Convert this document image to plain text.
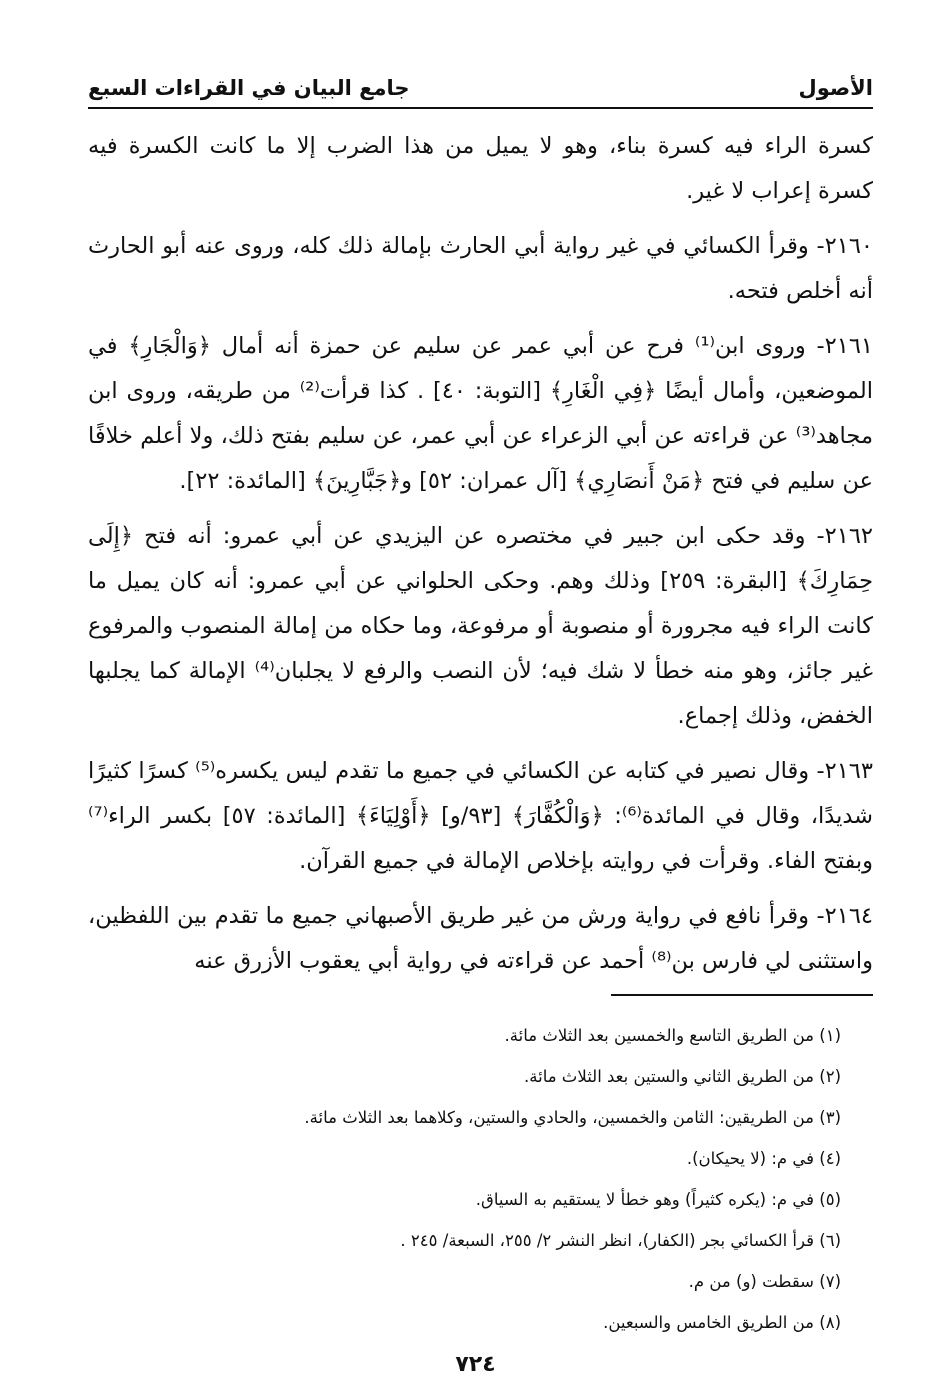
الأصول
جامع البيان في القراءات السبع

كسرة الراء فيه كسرة بناء، وهو لا يميل من هذا الضرب إلا ما كانت الكسرة فيه كسرة إعراب لا غير.

٢١٦٠- وقرأ الكسائي في غير رواية أبي الحارث بإمالة ذلك كله، وروى عنه أبو الحارث أنه أخلص فتحه.

٢١٦١- وروى ابن⁽¹⁾ فرح عن أبي عمر عن سليم عن حمزة أنه أمال ﴿وَالْجَارِ﴾ في الموضعين، وأمال أيضًا ﴿فِي الْغَارِ﴾ [التوبة: ٤٠] . كذا قرأت⁽²⁾ من طريقه، وروى ابن مجاهد⁽³⁾ عن قراءته عن أبي الزعراء عن أبي عمر، عن سليم بفتح ذلك، ولا أعلم خلافًا عن سليم في فتح ﴿مَنْ أَنصَارِي﴾ [آل عمران: ٥٢] و﴿جَبَّارِينَ﴾ [المائدة: ٢٢].

٢١٦٢- وقد حكى ابن جبير في مختصره عن اليزيدي عن أبي عمرو: أنه فتح ﴿إِلَى حِمَارِكَ﴾ [البقرة: ٢٥٩] وذلك وهم. وحكى الحلواني عن أبي عمرو: أنه كان يميل ما كانت الراء فيه مجرورة أو منصوبة أو مرفوعة، وما حكاه من إمالة المنصوب والمرفوع غير جائز، وهو منه خطأ لا شك فيه؛ لأن النصب والرفع لا يجلبان⁽⁴⁾ الإمالة كما يجلبها الخفض، وذلك إجماع.

٢١٦٣- وقال نصير في كتابه عن الكسائي في جميع ما تقدم ليس يكسره⁽⁵⁾ كسرًا كثيرًا شديدًا، وقال في المائدة⁽⁶⁾: ﴿وَالْكُفَّارَ﴾ [٩٣/و] ﴿أَوْلِيَاءَ﴾ [المائدة: ٥٧] بكسر الراء⁽⁷⁾ وبفتح الفاء. وقرأت في روايته بإخلاص الإمالة في جميع القرآن.

٢١٦٤- وقرأ نافع في رواية ورش من غير طريق الأصبهاني جميع ما تقدم بين اللفظين، واستثنى لي فارس بن⁽⁸⁾ أحمد عن قراءته في رواية أبي يعقوب الأزرق عنه

(١) من الطريق التاسع والخمسين بعد الثلاث مائة.
(٢) من الطريق الثاني والستين بعد الثلاث مائة.
(٣) من الطريقين: الثامن والخمسين، والحادي والستين، وكلاهما بعد الثلاث مائة.
(٤) في م: (لا يحيكان).
(٥) في م: (يكره كثيراً) وهو خطأ لا يستقيم به السياق.
(٦) قرأ الكسائي بجر (الكفار)، انظر النشر ٢/ ٢٥٥، السبعة/ ٢٤٥ .
(٧) سقطت (و) من م.
(٨) من الطريق الخامس والسبعين.
٧٢٤
